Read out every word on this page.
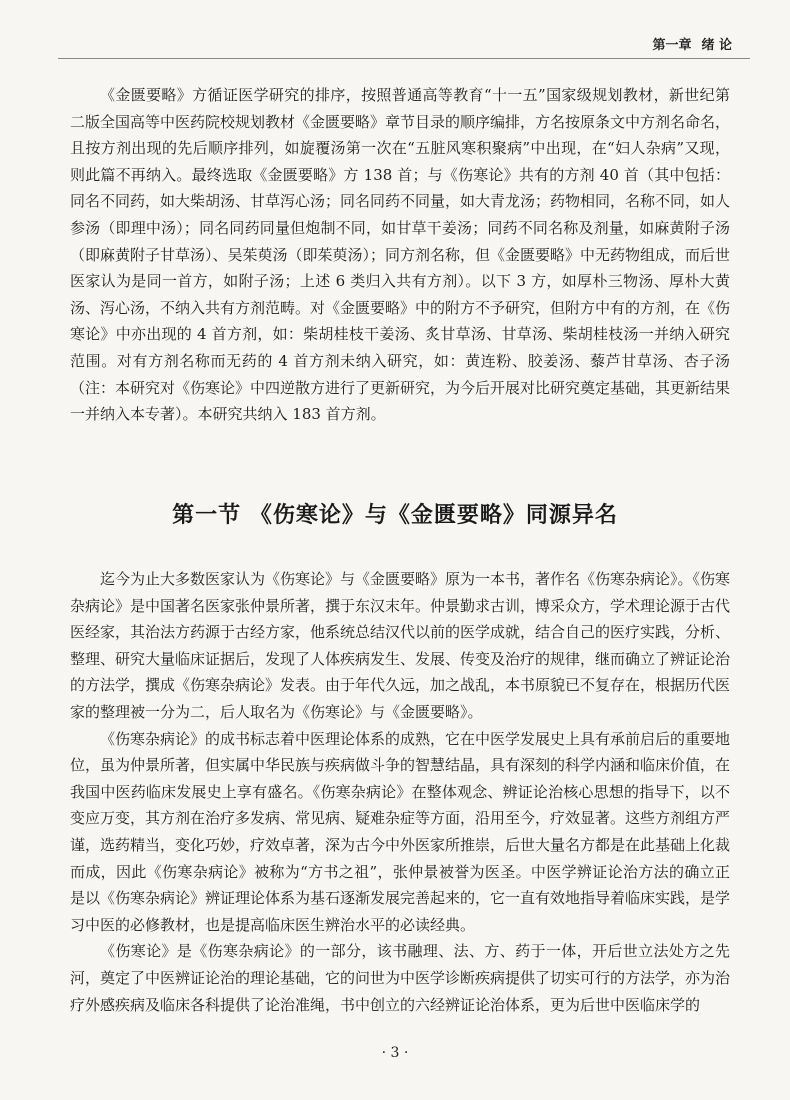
第一章 绪 论

《金匮要略》方循证医学研究的排序，按照普通高等教育“十一五”国家级规划教材，新世纪第二版全国高等中医药院校规划教材《金匮要略》章节目录的顺序编排，方名按原条文中方剂名命名，且按方剂出现的先后顺序排列，如旋覆汤第一次在“五脏风寒积聚病”中出现，在“妇人杂病”又现，则此篇不再纳入。最终选取《金匮要略》方 138 首；与《伤寒论》共有的方剂 40 首（其中包括：同名不同药，如大柴胡汤、甘草泻心汤；同名同药不同量，如大青龙汤；药物相同，名称不同，如人参汤（即理中汤）；同名同药同量但炮制不同，如甘草干姜汤；同药不同名称及剂量，如麻黄附子汤（即麻黄附子甘草汤）、吴茱萸汤（即茱萸汤）；同方剂名称，但《金匮要略》中无药物组成，而后世医家认为是同一首方，如附子汤；上述 6 类归入共有方剂）。以下 3 方，如厚朴三物汤、厚朴大黄汤、泻心汤，不纳入共有方剂范畴。对《金匮要略》中的附方不予研究，但附方中有的方剂，在《伤寒论》中亦出现的 4 首方剂，如：柴胡桂枝干姜汤、炙甘草汤、甘草汤、柴胡桂枝汤一并纳入研究范围。对有方剂名称而无药的 4 首方剂未纳入研究，如：黄连粉、胶姜汤、藜芦甘草汤、杏子汤（注：本研究对《伤寒论》中四逆散方进行了更新研究，为今后开展对比研究奠定基础，其更新结果一并纳入本专著）。本研究共纳入 183 首方剂。

第一节 《伤寒论》与《金匮要略》同源异名

迄今为止大多数医家认为《伤寒论》与《金匮要略》原为一本书，著作名《伤寒杂病论》。《伤寒杂病论》是中国著名医家张仲景所著，撰于东汉末年。仲景勤求古训，博采众方，学术理论源于古代医经家，其治法方药源于古经方家，他系统总结汉代以前的医学成就，结合自己的医疗实践，分析、整理、研究大量临床证据后，发现了人体疾病发生、发展、传变及治疗的规律，继而确立了辨证论治的方法学，撰成《伤寒杂病论》发表。由于年代久远，加之战乱，本书原貌已不复存在，根据历代医家的整理被一分为二，后人取名为《伤寒论》与《金匮要略》。

《伤寒杂病论》的成书标志着中医理论体系的成熟，它在中医学发展史上具有承前启后的重要地位，虽为仲景所著，但实属中华民族与疾病做斗争的智慧结晶，具有深刻的科学内涵和临床价值，在我国中医药临床发展史上享有盛名。《伤寒杂病论》在整体观念、辨证论治核心思想的指导下，以不变应万变，其方剂在治疗多发病、常见病、疑难杂症等方面，沿用至今，疗效显著。这些方剂组方严谨，选药精当，变化巧妙，疗效卓著，深为古今中外医家所推崇，后世大量名方都是在此基础上化裁而成，因此《伤寒杂病论》被称为“方书之祖”，张仲景被誉为医圣。中医学辨证论治方法的确立正是以《伤寒杂病论》辨证理论体系为基石逐渐发展完善起来的，它一直有效地指导着临床实践，是学习中医的必修教材，也是提高临床医生辨治水平的必读经典。

《伤寒论》是《伤寒杂病论》的一部分，该书融理、法、方、药于一体，开后世立法处方之先河，奠定了中医辨证论治的理论基础，它的问世为中医学诊断疾病提供了切实可行的方法学，亦为治疗外感疾病及临床各科提供了论治准绳，书中创立的六经辨证论治体系，更为后世中医临床学的

· 3 ·
